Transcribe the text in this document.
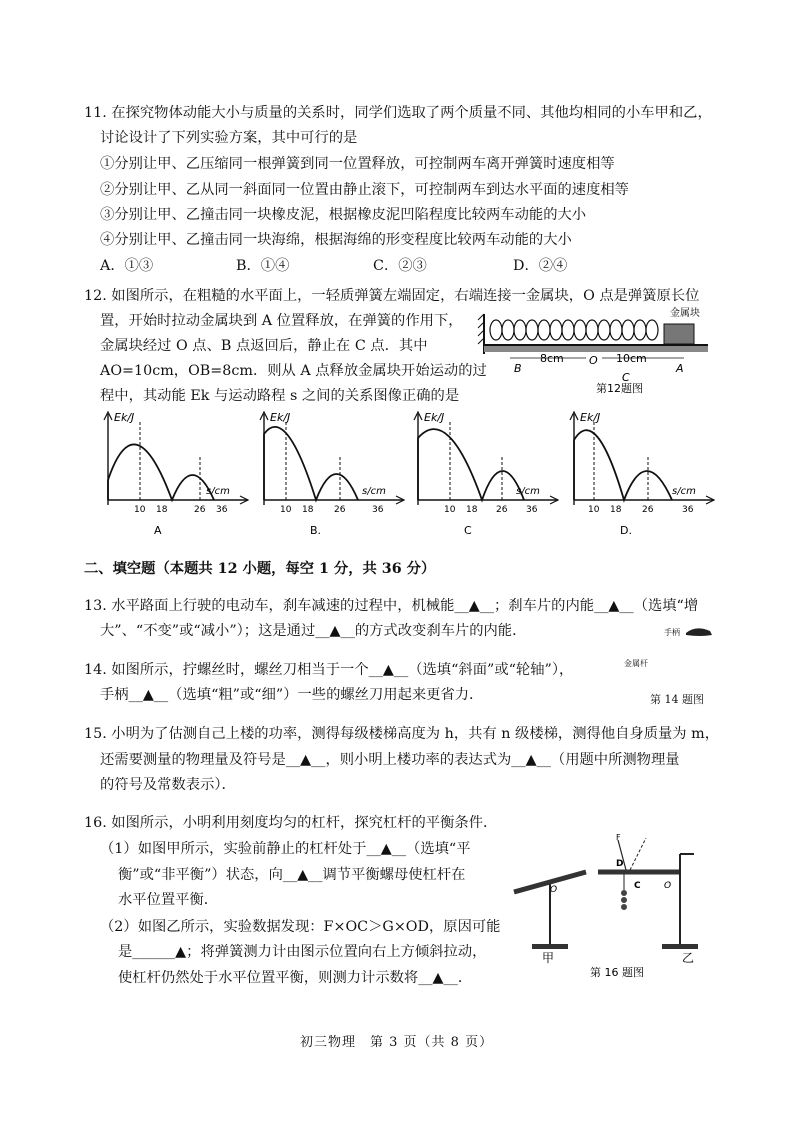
11. 在探究物体动能大小与质量的关系时，同学们选取了两个质量不同、其他均相同的小车甲和乙，
讨论设计了下列实验方案，其中可行的是
①分别让甲、乙压缩同一根弹簧到同一位置释放，可控制两车离开弹簧时速度相等
②分别让甲、乙从同一斜面同一位置由静止滚下，可控制两车到达水平面的速度相等
③分别让甲、乙撞击同一块橡皮泥，根据橡皮泥凹陷程度比较两车动能的大小
④分别让甲、乙撞击同一块海绵，根据海绵的形变程度比较两车动能的大小
A．①③	B．①④	C．②③	D．②④
12. 如图所示，在粗糙的水平面上，一轻质弹簧左端固定，右端连接一金属块，O 点是弹簧原长位
置，开始时拉动金属块到 A 位置释放，在弹簧的作用下，
金属块经过 O 点、B 点返回后，静止在 C 点．其中
AO=10cm，OB=8cm．则从 A 点释放金属块开始运动的过
程中，其动能 Ek 与运动路程 s 之间的关系图像正确的是
金属块
8cm	10cm
B
O
C
A
第12题图
Ek/J
s/cm
10 18	26 36
A
Ek/J
s/cm
10 18 26	36
B.
Ek/J
s/cm
10 18 26 36
C
Ek/J
s/cm
10 18 26	36
D.
二、填空题（本题共 12 小题，每空 1 分，共 36 分）
13. 水平路面上行驶的电动车，刹车减速的过程中，机械能__▲__；刹车片的内能__▲__（选填“增
大”、“不变”或“减小”）；这是通过__▲__的方式改变刹车片的内能．	手柄
14. 如图所示，拧螺丝时，螺丝刀相当于一个__▲__（选填“斜面”或“轮轴”），
手柄__▲__（选填“粗”或“细”）一些的螺丝刀用起来更省力．
金属杆
第 14 题图
15. 小明为了估测自己上楼的功率，测得每级楼梯高度为 h，共有 n 级楼梯，测得他自身质量为 m，
还需要测量的物理量及符号是__▲__，则小明上楼功率的表达式为__▲__（用题中所测物理量
的符号及常数表示）．
16. 如图所示，小明利用刻度均匀的杠杆，探究杠杆的平衡条件．
（1）如图甲所示，实验前静止的杠杆处于__▲__（选填“平
衡”或“非平衡”）状态，向__▲__调节平衡螺母使杠杆在
水平位置平衡．
（2）如图乙所示，实验数据发现：F×OC＞G×OD，原因可能
是______▲；将弹簧测力计由图示位置向右上方倾斜拉动，
使杠杆仍然处于水平位置平衡，则测力计示数将__▲__．
O
甲
F
D
C	O
乙
第 16 题图
初三物理　第 3 页（共 8 页）
